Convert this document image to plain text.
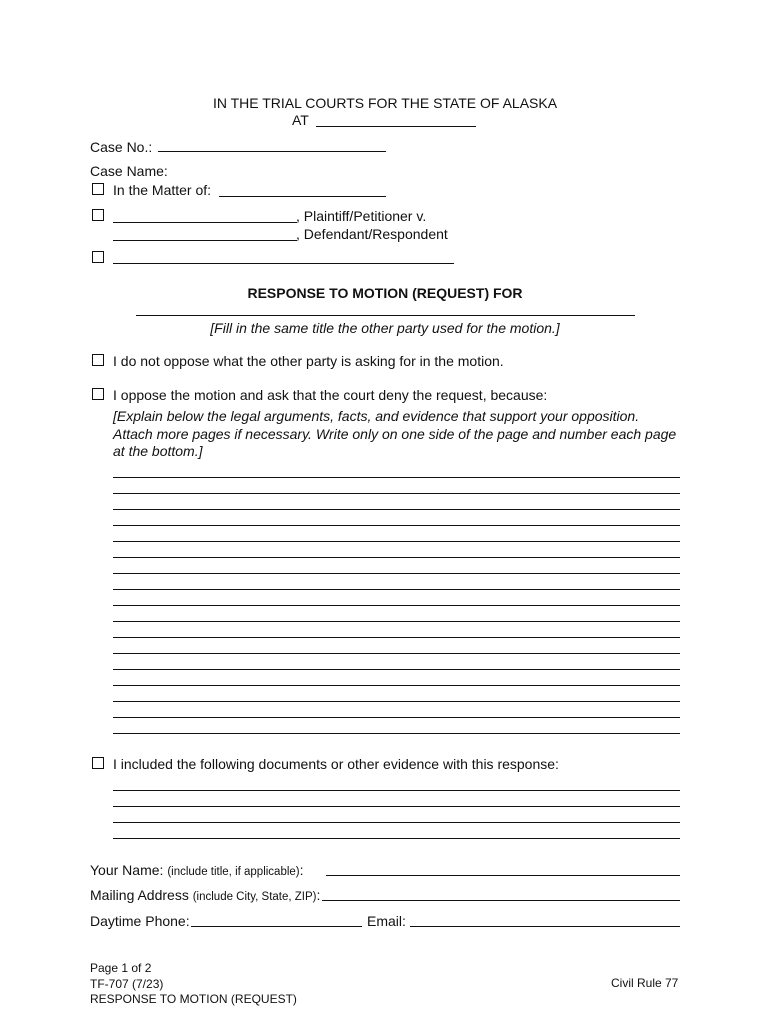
IN THE TRIAL COURTS FOR THE STATE OF ALASKA
AT
Case No.:
Case Name:
In the Matter of:
, Plaintiff/Petitioner v.
, Defendant/Respondent
RESPONSE TO MOTION (REQUEST) FOR
[Fill in the same title the other party used for the motion.]
I do not oppose what the other party is asking for in the motion.
I oppose the motion and ask that the court deny the request, because:
[Explain below the legal arguments, facts, and evidence that support your opposition.
Attach more pages if necessary. Write only on one side of the page and number each page
at the bottom.]
I included the following documents or other evidence with this response:
Your Name: (include title, if applicable):
Mailing Address (include City, State, ZIP):
Daytime Phone:	Email:
Page 1 of 2
TF-707 (7/23)
RESPONSE TO MOTION (REQUEST)
Civil Rule 77
